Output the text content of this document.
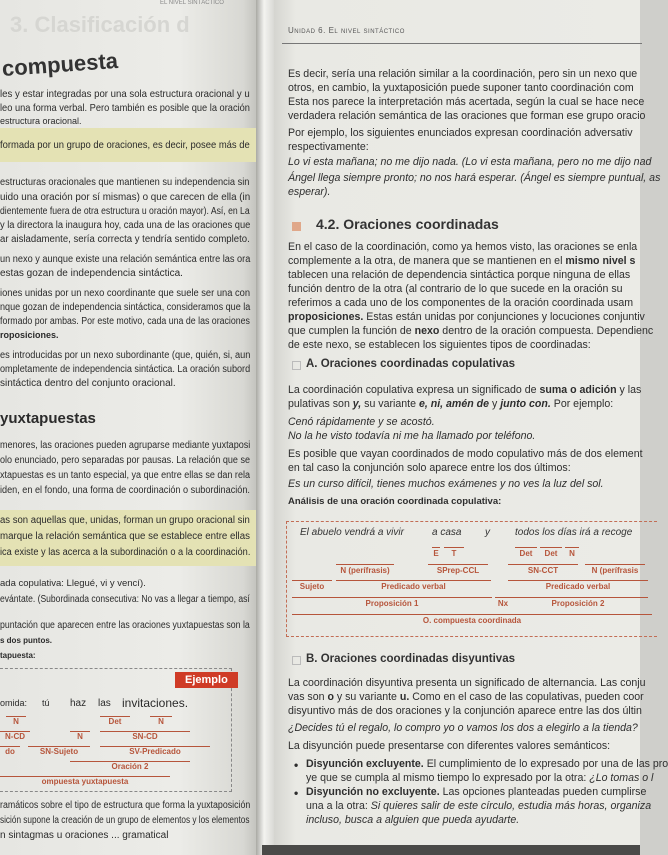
3. Clasificación d
EL NIVEL SINTÁCTICO
compuesta
Ejemplo
les y estar integradas por una sola estructura oracional y u
leo una forma verbal. Pero también es posible que la oración
estructura oracional.
formada por un grupo de oraciones, es decir, posee más de
estructuras oracionales que mantienen su independencia sin
uido una oración por sí mismas) o que carecen de ella (in
dientemente fuera de otra estructura u oración mayor). Así, en La
y la directora la inaugura hoy, cada una de las oraciones que
ar aisladamente, sería correcta y tendría sentido completo.
un nexo y aunque existe una relación semántica entre las ora
estas gozan de independencia sintáctica.
iones unidas por un nexo coordinante que suele ser una con
nque gozan de independencia sintáctica, consideramos que la
formado por ambas. Por este motivo, cada una de las oraciones
roposiciones.
es introducidas por un nexo subordinante (que, quién, si, aun
ompletamente de independencia sintáctica. La oración subord
sintáctica dentro del conjunto oracional.
yuxtapuestas
menores, las oraciones pueden agruparse mediante yuxtaposi
olo enunciado, pero separadas por pausas. La relación que se
xtapuestas es un tanto especial, ya que entre ellas se dan rela
iden, en el fondo, una forma de coordinación o subordinación.
as son aquellas que, unidas, forman un grupo oracional sin
marque la relación semántica que se establece entre ellas
ica existe y las acerca a la subordinación o a la coordinación.
ada copulativa: Llegué, vi y vencí).
evántate. (Subordinada consecutiva: No vas a llegar a tiempo, así
puntación que aparecen entre las oraciones yuxtapuestas son la
s dos puntos.
tapuesta:
ramáticos sobre el tipo de estructura que forma la yuxtaposición
sición supone la creación de un grupo de elementos y los elementos
n sintagmas u oraciones ... gramatical
omida: tú haz las invitaciones.
N
N-CD
do	SN-Sujeto
N
Det	N
SN-CD
SV-Predicado
Oración 2
ompuesta yuxtapuesta
Unidad 6. El nivel sintáctico
4.2. Oraciones coordinadas
A. Oraciones coordinadas copulativas
Análisis de una oración coordinada copulativa:
B. Oraciones coordinadas disyuntivas
Es decir, sería una relación similar a la coordinación, pero sin un nexo que
otros, en cambio, la yuxtaposición puede suponer tanto coordinación com
Esta nos parece la interpretación más acertada, según la cual se hace nece
verdadera relación semántica de las oraciones que forman ese grupo oracio
Por ejemplo, los siguientes enunciados expresan coordinación adversativ
respectivamente:
Lo vi esta mañana; no me dijo nada. (Lo vi esta mañana, pero no me dijo nad
Ángel llega siempre pronto; no nos hará esperar. (Ángel es siempre puntual, as
esperar).
En el caso de la coordinación, como ya hemos visto, las oraciones se enla
complemente a la otra, de manera que se mantienen en el mismo nivel s
tablecen una relación de dependencia sintáctica porque ninguna de ellas
función dentro de la otra (al contrario de lo que sucede en la oración su
referimos a cada uno de los componentes de la oración coordinada usam
proposiciones. Estas están unidas por conjunciones y locuciones conjuntiv
que cumplen la función de nexo dentro de la oración compuesta. Dependienc
de este nexo, se establecen los siguientes tipos de coordinadas:
La coordinación copulativa expresa un significado de suma o adición y las
pulativas son y, su variante e, ni, amén de y junto con. Por ejemplo:
Cenó rápidamente y se acostó.
No la he visto todavía ni me ha llamado por teléfono.
Es posible que vayan coordinados de modo copulativo más de dos element
en tal caso la conjunción solo aparece entre los dos últimos:
Es un curso difícil, tienes muchos exámenes y no ves la luz del sol.
La coordinación disyuntiva presenta un significado de alternancia. Las conju
vas son o y su variante u. Como en el caso de las copulativas, pueden coor
disyuntivo más de dos oraciones y la conjunción aparece entre las dos últin
¿Decides tú el regalo, lo compro yo o vamos los dos a elegirlo a la tienda?
La disyunción puede presentarse con diferentes valores semánticos:
Disyunción excluyente. El cumplimiento de lo expresado por una de las pro
ye que se cumpla al mismo tiempo lo expresado por la otra: ¿Lo tomas o l
Disyunción no excluyente. Las opciones planteadas pueden cumplirse
una a la otra: Si quieres salir de este círculo, estudia más horas, organiza
incluso, busca a alguien que pueda ayudarte.
•
•
El abuelo vendrá a vivir	a casa y	todos los días irá a recoge
E	T	Det	Det	N
N (perífrasis)	SPrep-CCL	SN-CCT	N (perífrasis
Sujeto	Predicado verbal	Predicado verbal
Proposición 1	Nx	Proposición 2
O. compuesta coordinada
